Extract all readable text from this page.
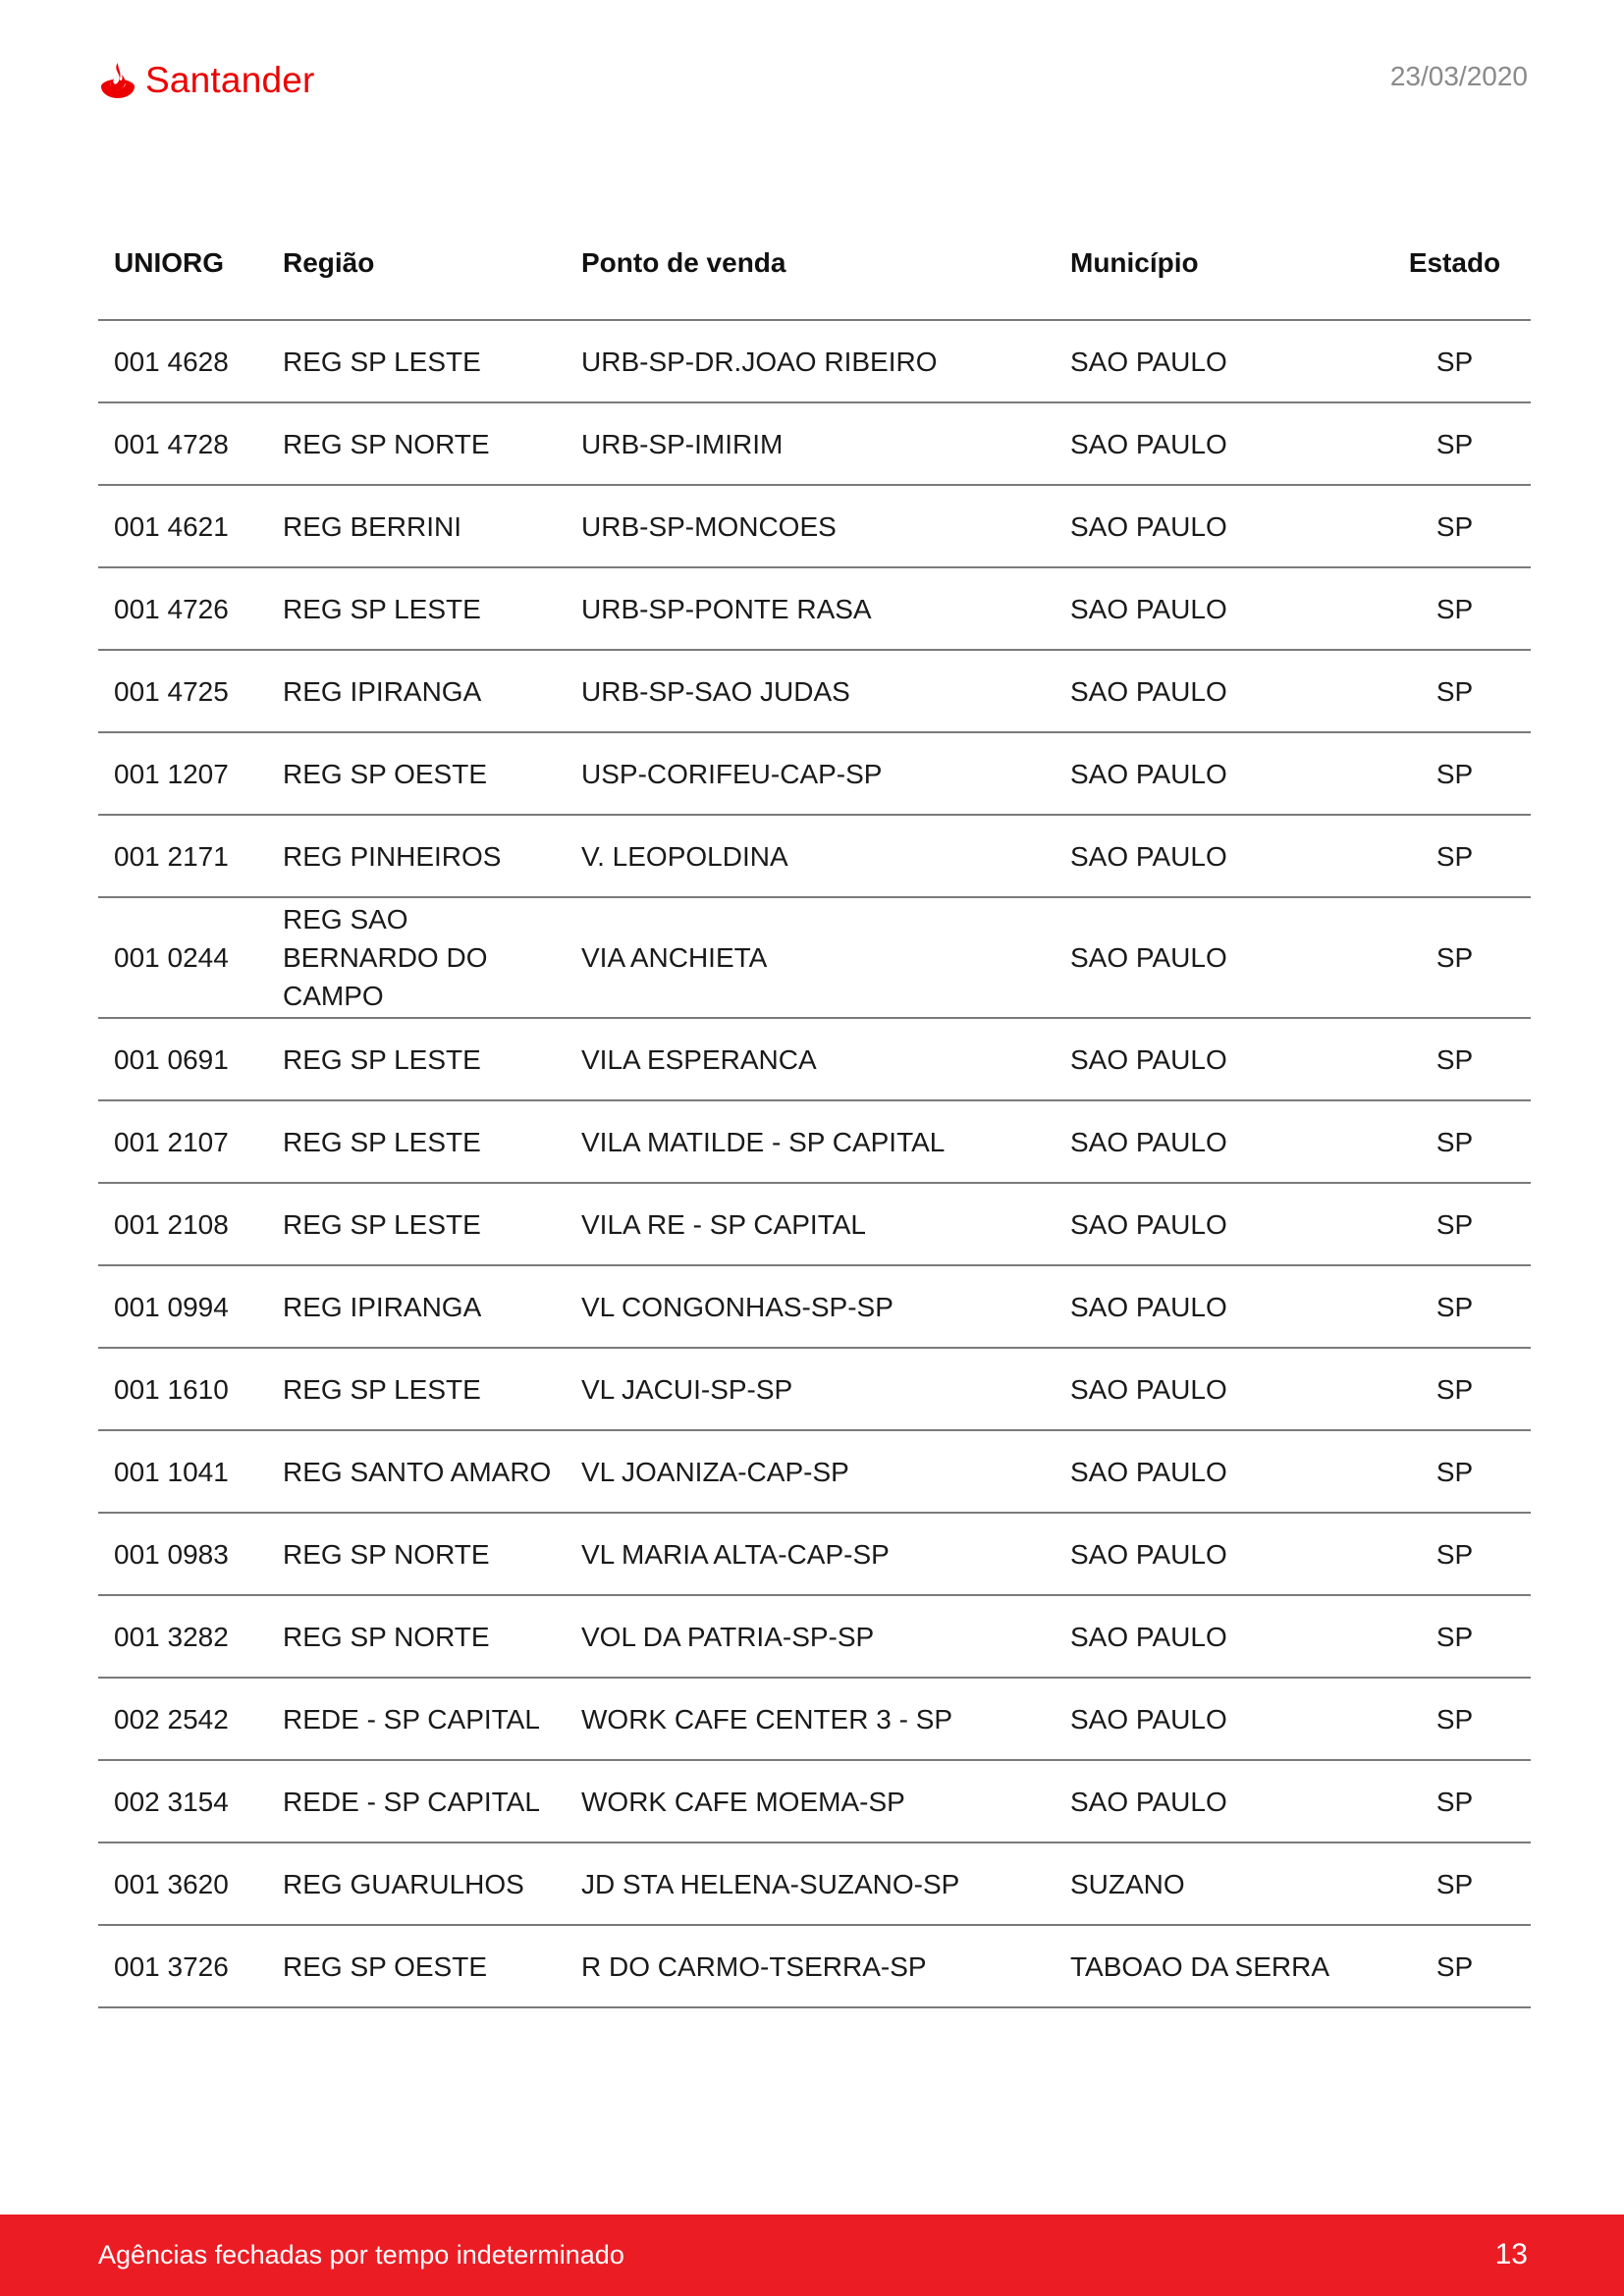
Santander	23/03/2020
UNIORG	Região	Ponto de venda	Município	Estado
001 4628	REG SP LESTE	URB-SP-DR.JOAO RIBEIRO	SAO PAULO	SP
001 4728	REG SP NORTE	URB-SP-IMIRIM	SAO PAULO	SP
001 4621	REG BERRINI	URB-SP-MONCOES	SAO PAULO	SP
001 4726	REG SP LESTE	URB-SP-PONTE RASA	SAO PAULO	SP
001 4725	REG IPIRANGA	URB-SP-SAO JUDAS	SAO PAULO	SP
001 1207	REG SP OESTE	USP-CORIFEU-CAP-SP	SAO PAULO	SP
001 2171	REG PINHEIROS	V. LEOPOLDINA	SAO PAULO	SP
001 0244	REG SAO BERNARDO DO CAMPO	VIA ANCHIETA	SAO PAULO	SP
001 0691	REG SP LESTE	VILA ESPERANCA	SAO PAULO	SP
001 2107	REG SP LESTE	VILA MATILDE - SP CAPITAL	SAO PAULO	SP
001 2108	REG SP LESTE	VILA RE - SP CAPITAL	SAO PAULO	SP
001 0994	REG IPIRANGA	VL CONGONHAS-SP-SP	SAO PAULO	SP
001 1610	REG SP LESTE	VL JACUI-SP-SP	SAO PAULO	SP
001 1041	REG SANTO AMARO	VL JOANIZA-CAP-SP	SAO PAULO	SP
001 0983	REG SP NORTE	VL MARIA ALTA-CAP-SP	SAO PAULO	SP
001 3282	REG SP NORTE	VOL DA PATRIA-SP-SP	SAO PAULO	SP
002 2542	REDE - SP CAPITAL	WORK CAFE CENTER 3 - SP	SAO PAULO	SP
002 3154	REDE - SP CAPITAL	WORK CAFE MOEMA-SP	SAO PAULO	SP
001 3620	REG GUARULHOS	JD STA HELENA-SUZANO-SP	SUZANO	SP
001 3726	REG SP OESTE	R DO CARMO-TSERRA-SP	TABOAO DA SERRA	SP
Agências fechadas por tempo indeterminado	13
